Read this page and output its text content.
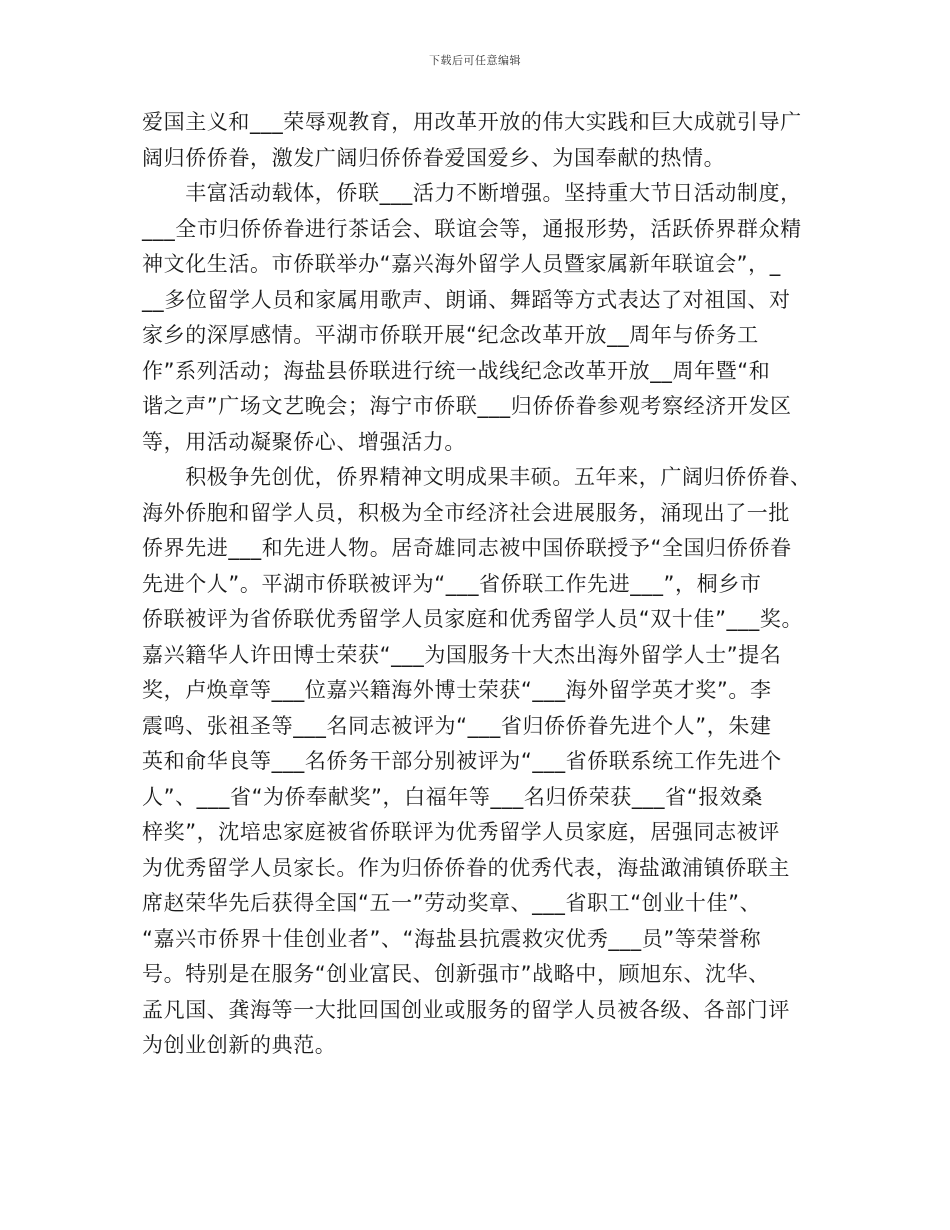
下载后可任意编辑
爱国主义和___荣辱观教育，用改革开放的伟大实践和巨大成就引导广
阔归侨侨眷，激发广阔归侨侨眷爱国爱乡、为国奉献的热情。
　　丰富活动载体，侨联___活力不断增强。坚持重大节日活动制度，
___全市归侨侨眷进行茶话会、联谊会等，通报形势，活跃侨界群众精
神文化生活。市侨联举办“嘉兴海外留学人员暨家属新年联谊会”，_
__多位留学人员和家属用歌声、朗诵、舞蹈等方式表达了对祖国、对
家乡的深厚感情。平湖市侨联开展“纪念改革开放__周年与侨务工
作”系列活动；海盐县侨联进行统一战线纪念改革开放__周年暨“和
谐之声”广场文艺晚会；海宁市侨联___归侨侨眷参观考察经济开发区
等，用活动凝聚侨心、增强活力。
　　积极争先创优，侨界精神文明成果丰硕。五年来，广阔归侨侨眷、
海外侨胞和留学人员，积极为全市经济社会进展服务，涌现出了一批
侨界先进___和先进人物。居奇雄同志被中国侨联授予“全国归侨侨眷
先进个人”。平湖市侨联被评为“___省侨联工作先进___”，桐乡市
侨联被评为省侨联优秀留学人员家庭和优秀留学人员“双十佳”___奖。
嘉兴籍华人许田博士荣获“___为国服务十大杰出海外留学人士”提名
奖，卢焕章等___位嘉兴籍海外博士荣获“___海外留学英才奖”。李
震鸣、张祖圣等___名同志被评为“___省归侨侨眷先进个人”，朱建
英和俞华良等___名侨务干部分别被评为“___省侨联系统工作先进个
人”、___省“为侨奉献奖”，白福年等___名归侨荣获___省“报效桑
梓奖”，沈培忠家庭被省侨联评为优秀留学人员家庭，居强同志被评
为优秀留学人员家长。作为归侨侨眷的优秀代表，海盐澉浦镇侨联主
席赵荣华先后获得全国“五一”劳动奖章、___省职工“创业十佳”、
“嘉兴市侨界十佳创业者”、“海盐县抗震救灾优秀___员”等荣誉称
号。特别是在服务“创业富民、创新强市”战略中，顾旭东、沈华、
孟凡国、龚海等一大批回国创业或服务的留学人员被各级、各部门评
为创业创新的典范。
